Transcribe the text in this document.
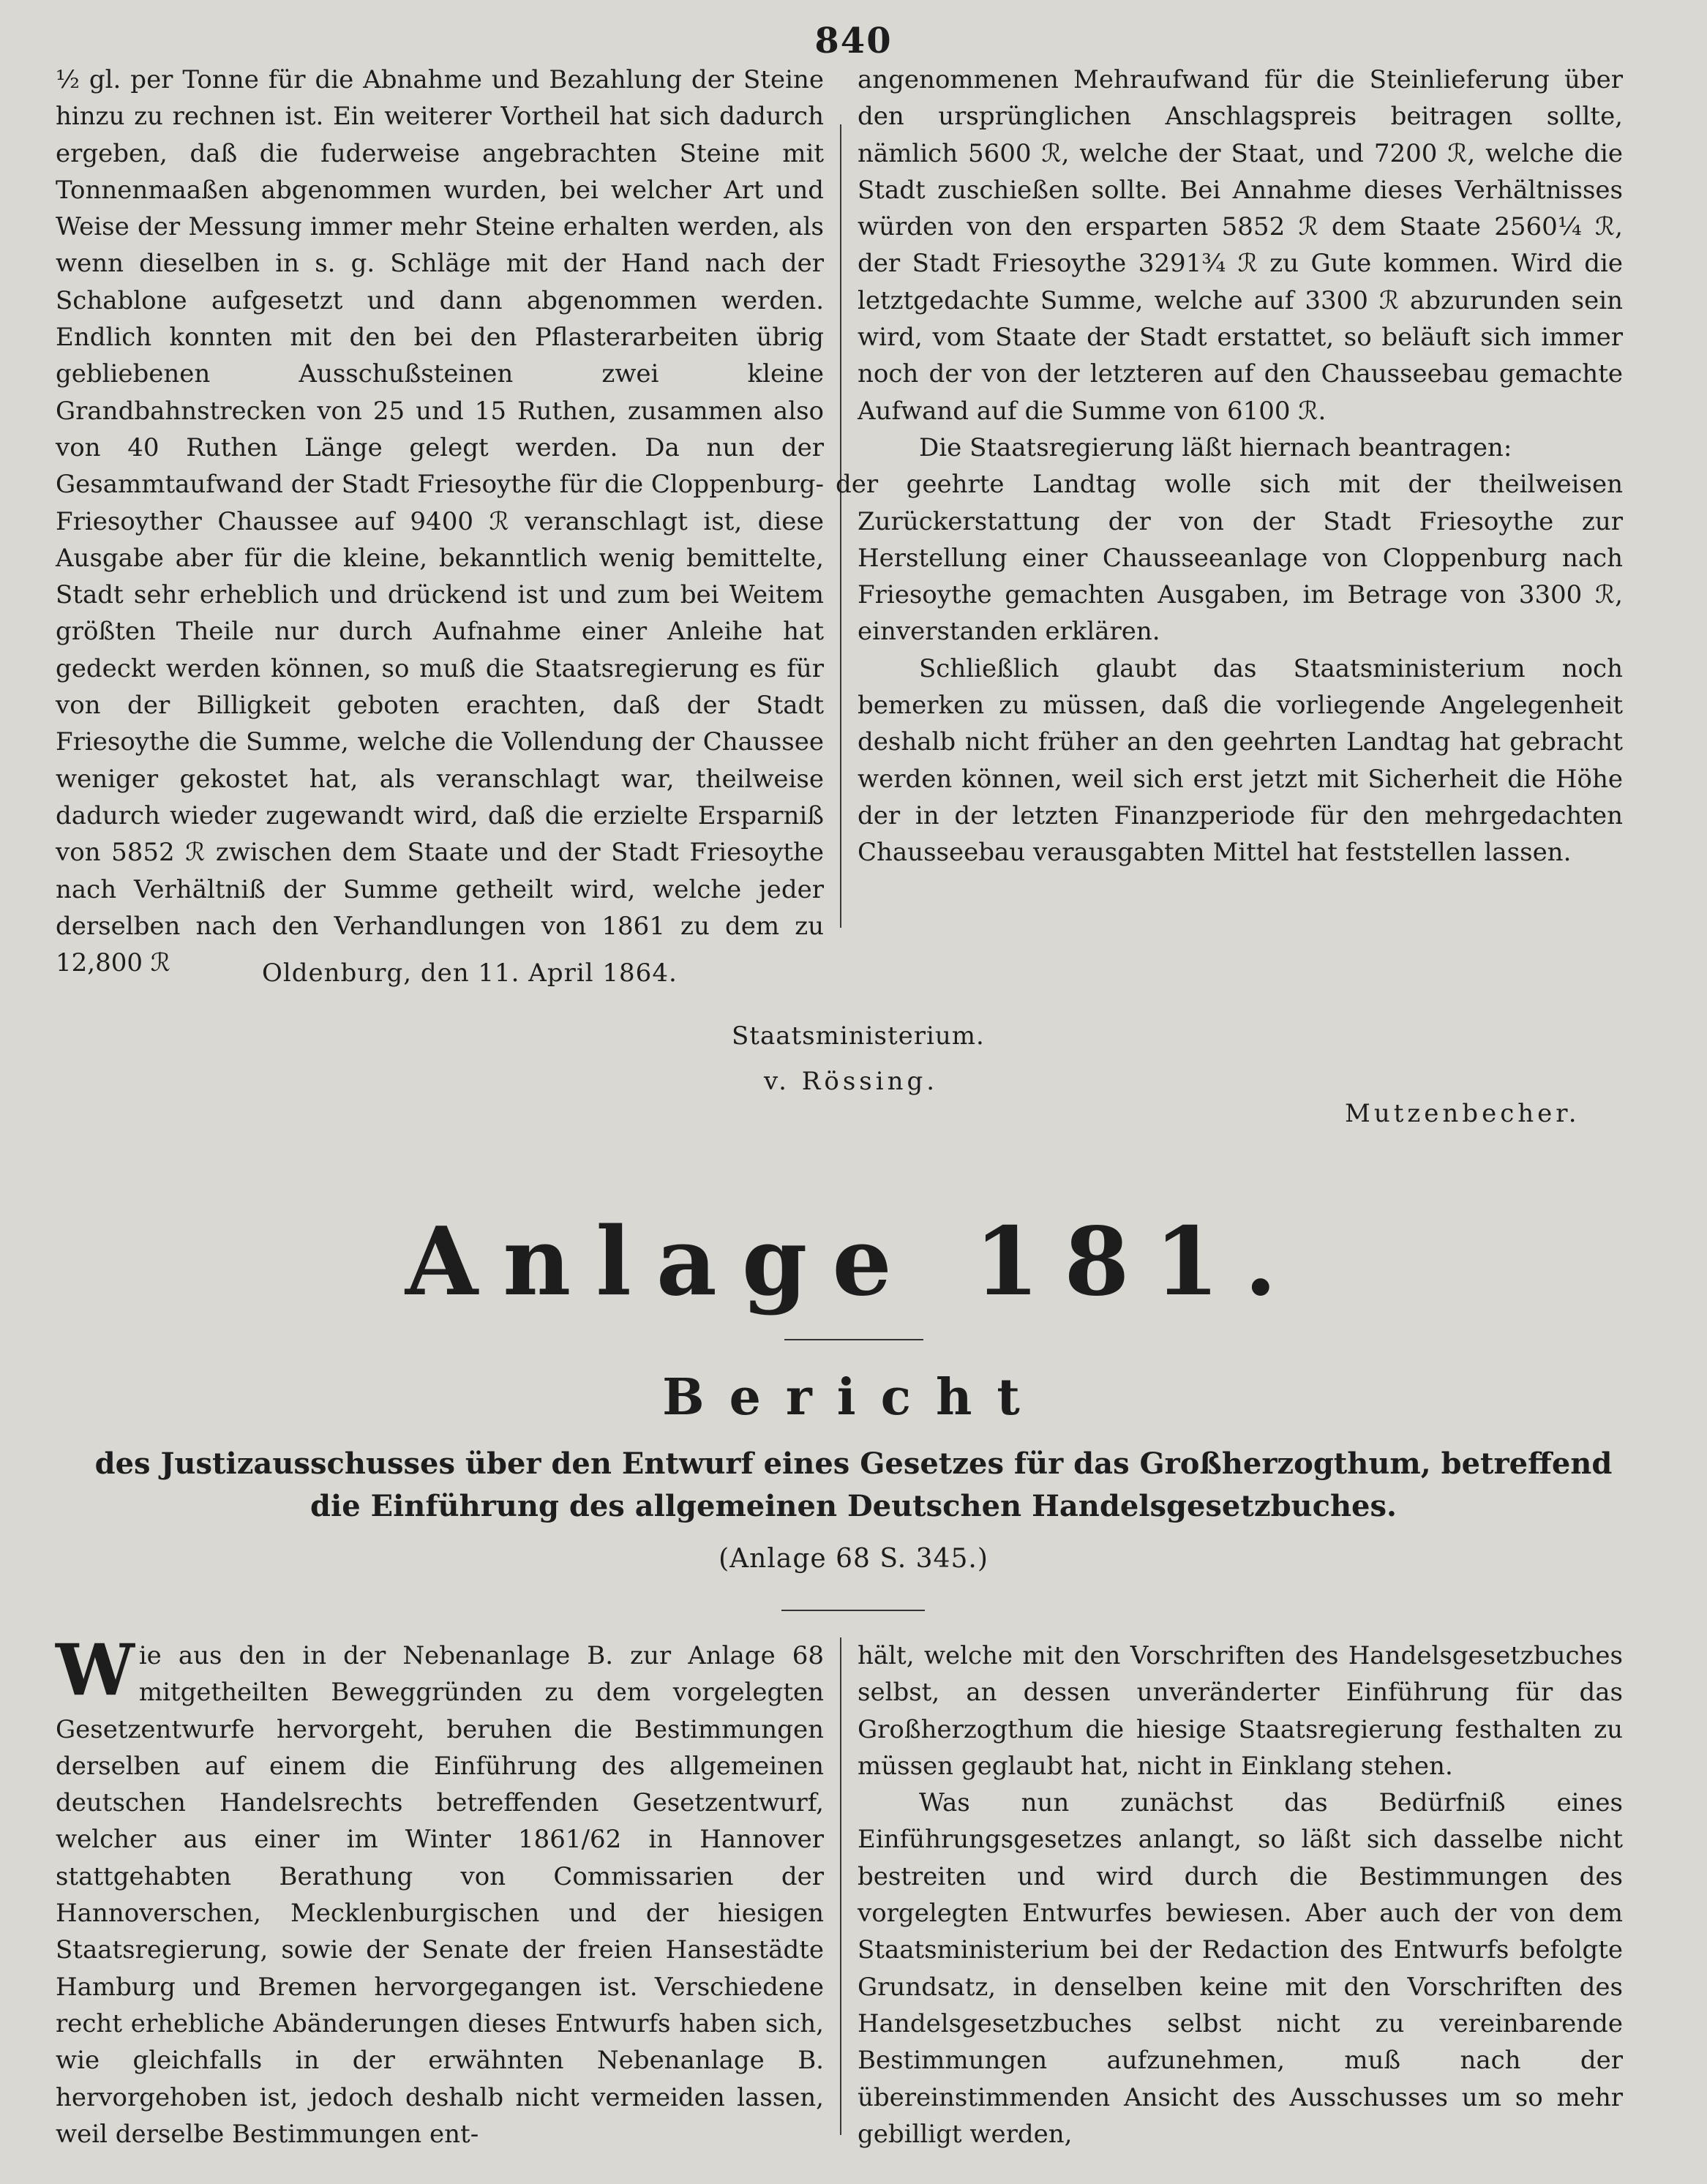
840

½ gl. per Tonne für die Abnahme und Bezahlung der Steine hinzu zu rechnen ist. Ein weiterer Vortheil hat sich dadurch ergeben, daß die fuderweise angebrachten Steine mit Tonnenmaaßen abgenommen wurden, bei welcher Art und Weise der Messung immer mehr Steine erhalten werden, als wenn dieselben in s. g. Schläge mit der Hand nach der Schablone aufgesetzt und dann abgenommen werden. Endlich konnten mit den bei den Pflasterarbeiten übrig gebliebenen Ausschußsteinen zwei kleine Grandbahnstrecken von 25 und 15 Ruthen, zusammen also von 40 Ruthen Länge gelegt werden. Da nun der Gesammtaufwand der Stadt Friesoythe für die Cloppenburg-Friesoyther Chaussee auf 9400 ℛ veranschlagt ist, diese Ausgabe aber für die kleine, bekanntlich wenig bemittelte, Stadt sehr erheblich und drückend ist und zum bei Weitem größten Theile nur durch Aufnahme einer Anleihe hat gedeckt werden können, so muß die Staatsregierung es für von der Billigkeit geboten erachten, daß der Stadt Friesoythe die Summe, welche die Vollendung der Chaussee weniger gekostet hat, als veranschlagt war, theilweise dadurch wieder zugewandt wird, daß die erzielte Ersparniß von 5852 ℛ zwischen dem Staate und der Stadt Friesoythe nach Verhältniß der Summe getheilt wird, welche jeder derselben nach den Verhandlungen von 1861 zu dem zu 12,800 ℛ

angenommenen Mehraufwand für die Steinlieferung über den ursprünglichen Anschlagspreis beitragen sollte, nämlich 5600 ℛ, welche der Staat, und 7200 ℛ, welche die Stadt zuschießen sollte. Bei Annahme dieses Verhältnisses würden von den ersparten 5852 ℛ dem Staate 2560¼ ℛ, der Stadt Friesoythe 3291¾ ℛ zu Gute kommen. Wird die letztgedachte Summe, welche auf 3300 ℛ abzurunden sein wird, vom Staate der Stadt erstattet, so beläuft sich immer noch der von der letzteren auf den Chausseebau gemachte Aufwand auf die Summe von 6100 ℛ.

Die Staatsregierung läßt hiernach beantragen:

der geehrte Landtag wolle sich mit der theilweisen Zurückerstattung der von der Stadt Friesoythe zur Herstellung einer Chausseeanlage von Cloppenburg nach Friesoythe gemachten Ausgaben, im Betrage von 3300 ℛ, einverstanden erklären.

Schließlich glaubt das Staatsministerium noch bemerken zu müssen, daß die vorliegende Angelegenheit deshalb nicht früher an den geehrten Landtag hat gebracht werden können, weil sich erst jetzt mit Sicherheit die Höhe der in der letzten Finanzperiode für den mehrgedachten Chausseebau verausgabten Mittel hat feststellen lassen.

Oldenburg, den 11. April 1864.
Staatsministerium.
v. Rössing.
Mutzenbecher.
Anlage 181.
Bericht
des Justizausschusses über den Entwurf eines Gesetzes für das Großherzogthum, betreffend die Einführung des allgemeinen Deutschen Handelsgesetzbuches.
(Anlage 68 S. 345.)

Wie aus den in der Nebenanlage B. zur Anlage 68 mitgetheilten Beweggründen zu dem vorgelegten Gesetzentwurfe hervorgeht, beruhen die Bestimmungen derselben auf einem die Einführung des allgemeinen deutschen Handelsrechts betreffenden Gesetzentwurf, welcher aus einer im Winter 1861/62 in Hannover stattgehabten Berathung von Commissarien der Hannoverschen, Mecklenburgischen und der hiesigen Staatsregierung, sowie der Senate der freien Hansestädte Hamburg und Bremen hervorgegangen ist. Verschiedene recht erhebliche Abänderungen dieses Entwurfs haben sich, wie gleichfalls in der erwähnten Nebenanlage B. hervorgehoben ist, jedoch deshalb nicht vermeiden lassen, weil derselbe Bestimmungen ent-

hält, welche mit den Vorschriften des Handelsgesetzbuches selbst, an dessen unveränderter Einführung für das Großherzogthum die hiesige Staatsregierung festhalten zu müssen geglaubt hat, nicht in Einklang stehen.

Was nun zunächst das Bedürfniß eines Einführungsgesetzes anlangt, so läßt sich dasselbe nicht bestreiten und wird durch die Bestimmungen des vorgelegten Entwurfes bewiesen. Aber auch der von dem Staatsministerium bei der Redaction des Entwurfs befolgte Grundsatz, in denselben keine mit den Vorschriften des Handelsgesetzbuches selbst nicht zu vereinbarende Bestimmungen aufzunehmen, muß nach der übereinstimmenden Ansicht des Ausschusses um so mehr gebilligt werden,
